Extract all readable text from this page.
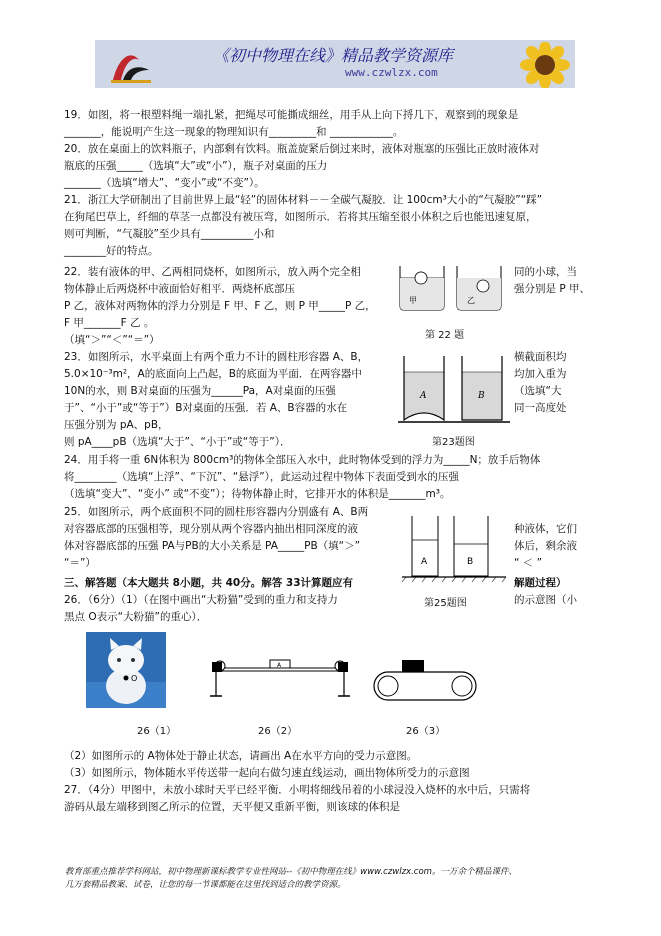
《初中物理在线》精品教学资源库
www.czwlzx.com
19．如图，将一根塑料绳一端扎紧，把绳尽可能撕成细丝，用手从上向下捋几下，观察到的现象是
_______，能说明产生这一现象的物理知识有_________和 ____________。
20．放在桌面上的饮料瓶子，内部剩有饮料。瓶盖旋紧后倒过来时，液体对瓶塞的压强比正放时液体对
瓶底的压强_____（选填“大”或“小”），瓶子对桌面的压力
_______（选填“增大”、“变小”或“不变”）。
21．浙江大学研制出了目前世界上最“轻”的固体材料－－全碳气凝胶．让 100cm³大小的“气凝胶”“踩”
在狗尾巴草上，纤细的草茎一点都没有被压弯，如图所示．若将其压缩至很小体积之后也能迅速复原，
则可判断，“气凝胶”至少具有__________小和
________好的特点。
22．装有液体的甲、乙两相同烧杯，如图所示，放入两个完全相
物体静止后两烧杯中液面恰好相平．两烧杯底部压
P 乙，液体对两物体的浮力分别是 F 甲、F 乙，则 P 甲_____P 乙，
F 甲_______F 乙 。
（填“＞”“＜”“＝”）
23．如图所示，水平桌面上有两个重力不计的圆柱形容器 A、B，
5.0×10⁻³m²，A的底面向上凸起，B的底面为平面．在两容器中
10N的水，则 B对桌面的压强为______Pa，A对桌面的压强
于”、“小于”或“等于”）B对桌面的压强．若 A、B容器的水在
压强分别为 pA、pB，
则 pA____pB（选填“大于”、“小于”或“等于”）．
24．用手将一重 6N体积为 800cm³的物体全部压入水中，此时物体受到的浮力为_____N；放手后物体
将________（选填“上浮”、“下沉”、“悬浮”），此运动过程中物体下表面受到水的压强
（选填“变大”、“变小” 或“不变”）；待物体静止时，它排开水的体积是_______m³。
25．如图所示，两个底面积不同的圆柱形容器内分别盛有 A、B两
对容器底部的压强相等，现分别从两个容器内抽出相同深度的液
体对容器底部的压强 PA与PB的大小关系是 PA_____PB（填“＞”
“＝”）
三、解答题（本大题共 8小题，共 40分。解答 33计算题应有
26．（6分）（1）（在图中画出“大粉猫”受到的重力和支持力
黑点 O表示“大粉猫”的重心）．
（2）如图所示的 A物体处于静止状态，请画出 A在水平方向的受力示意图。
（3）如图所示，物体随水平传送带一起向右做匀速直线运动，画出物体所受力的示意图
27．（4分）甲图中，未放小球时天平已经平衡．小明将细线吊着的小球浸没入烧杯的水中后，只需将
游码从最左端移到图乙所示的位置，天平便又重新平衡，则该球的体积是
同的小球，当
强分别是 P 甲、
横截面积均
均加入重为
（选填“大
同一高度处
种液体，它们
体后，剩余液
“ ＜ ”
解题过程）
的示意图（小
甲	乙
第 22 题
A	B
第23题图
A	B
第25题图
O
26（1）
A
26（2）	26（3）
教育部重点推荐学科网站，初中物理新课标教学专业性网站--《初中物理在线》www.czwlzx.com。一万余个精品课件、
几万套精品教案、试卷，让您的每一节课都能在这里找到适合的教学资源。
